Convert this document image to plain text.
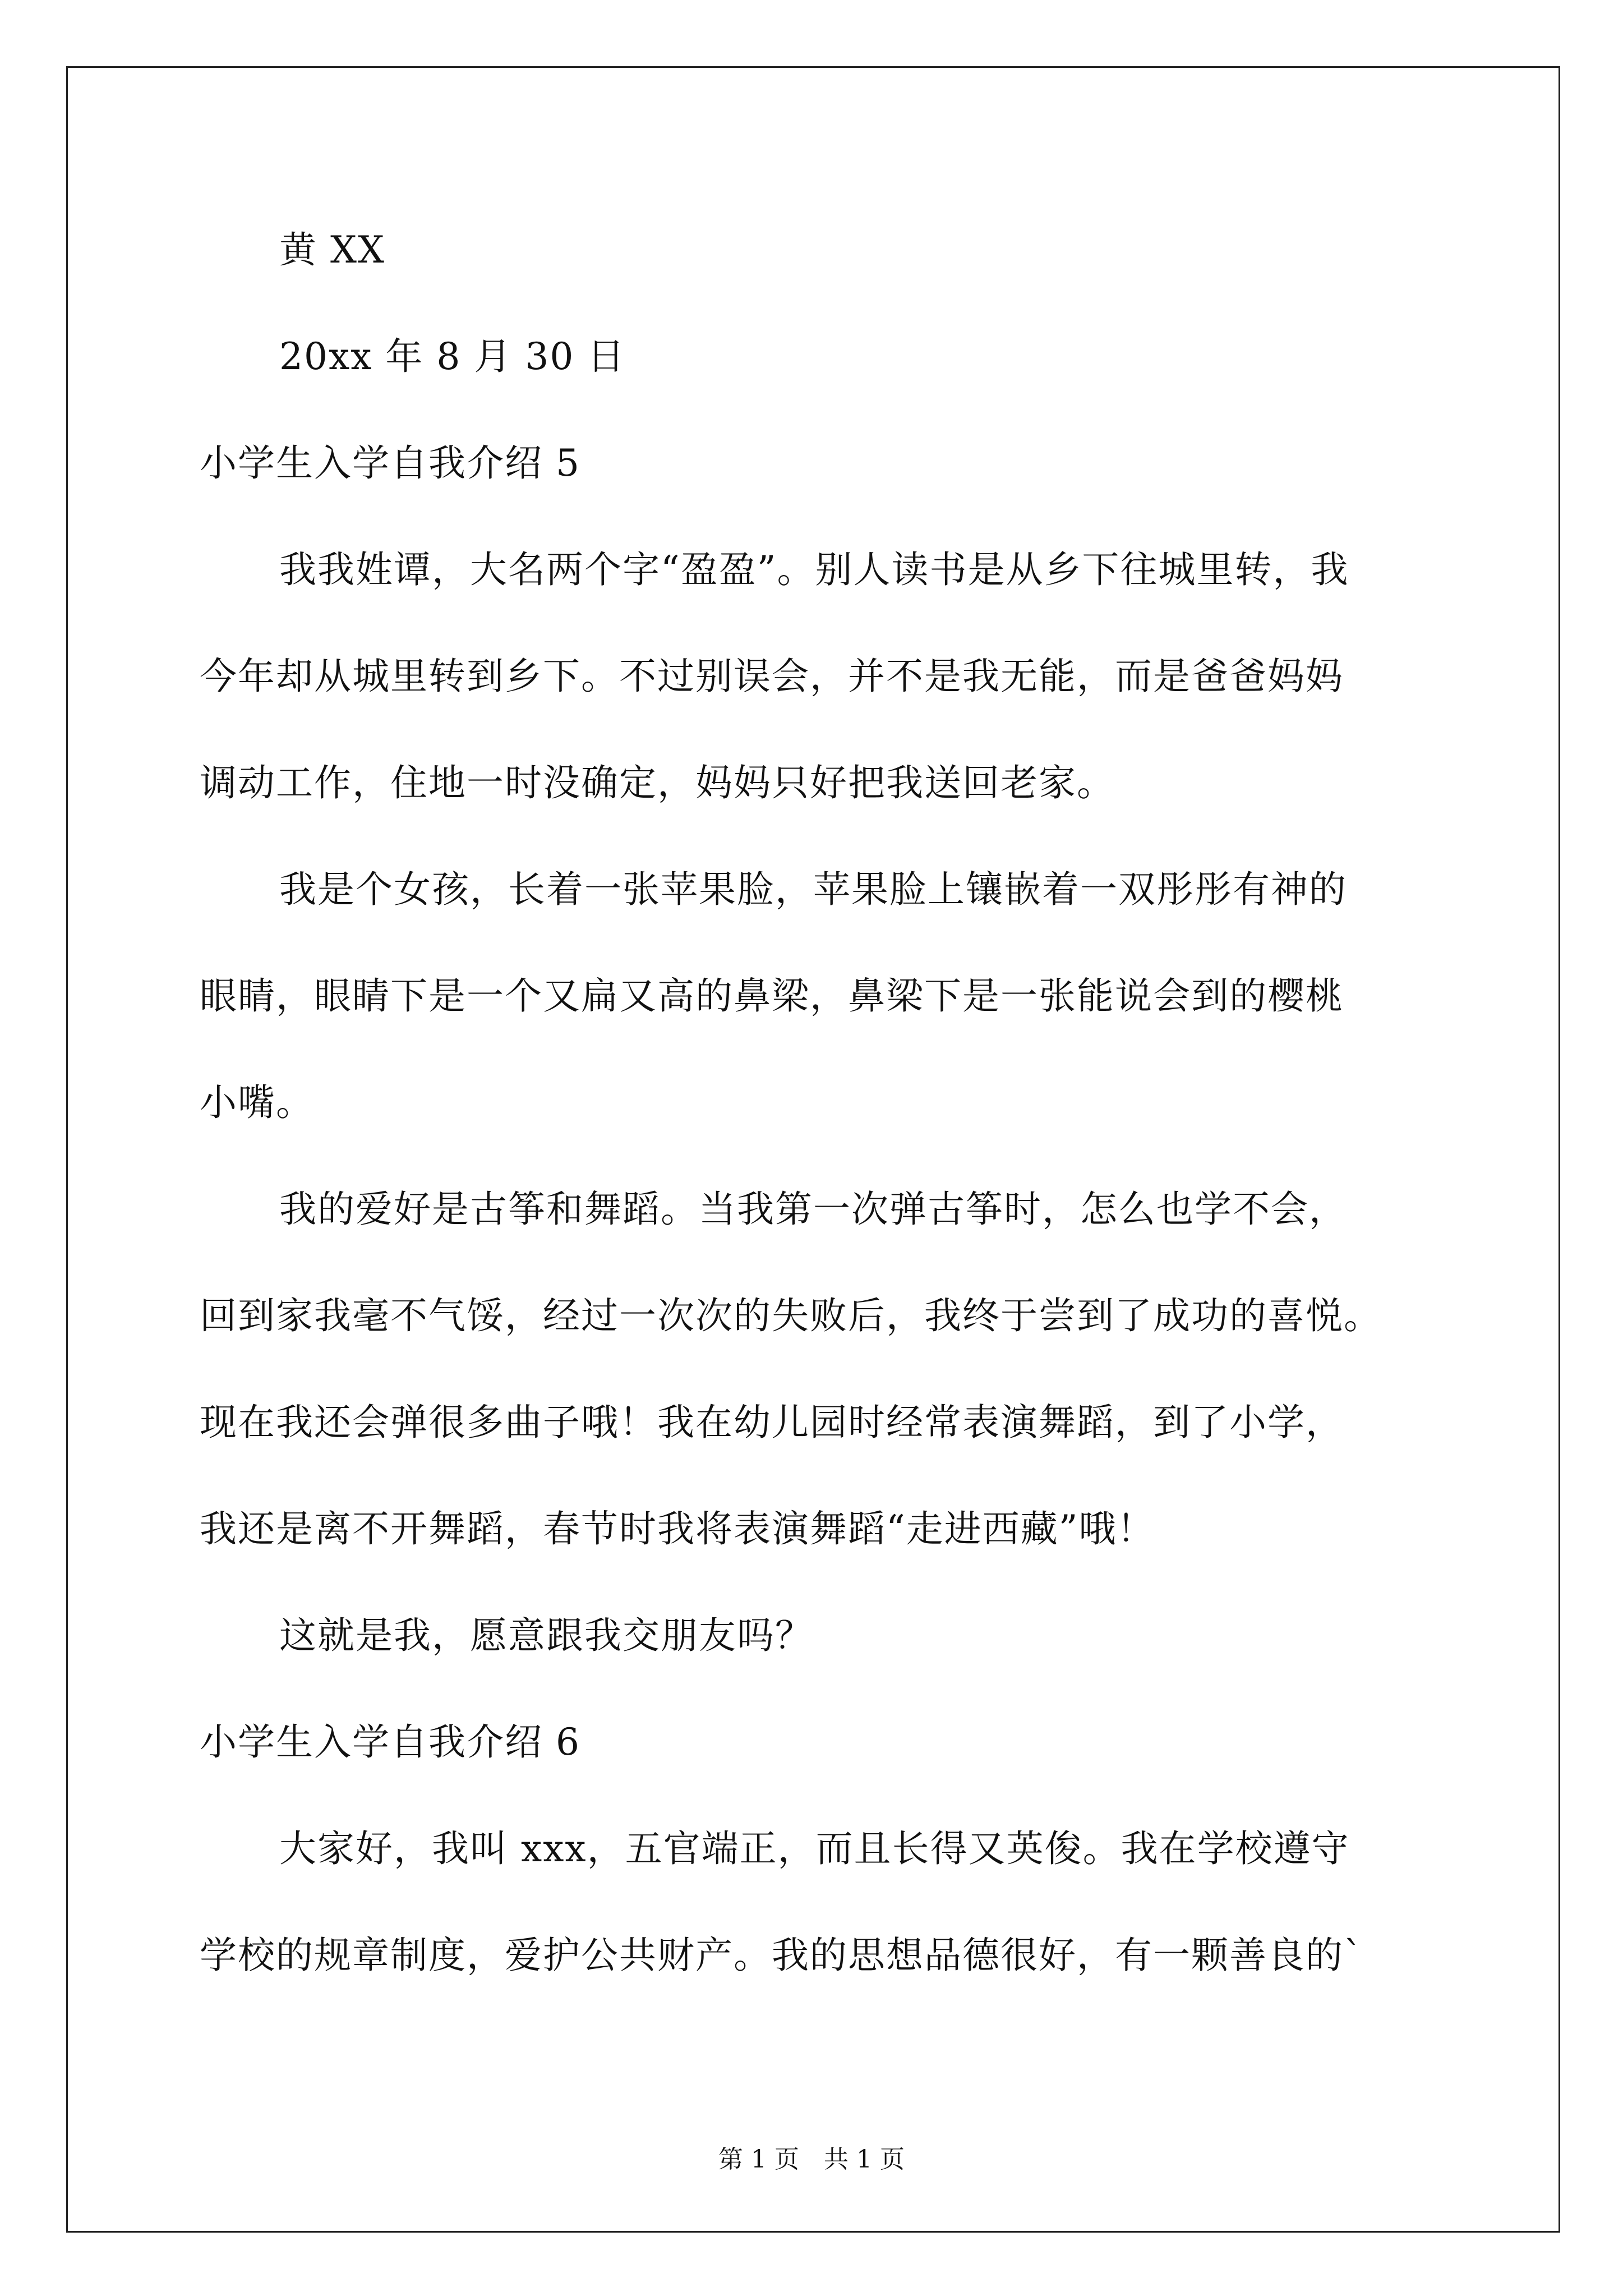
黄 XX
20xx 年 8 月 30 日
小学生入学自我介绍 5
我我姓谭，大名两个字“盈盈”。别人读书是从乡下往城里转，我
今年却从城里转到乡下。不过别误会，并不是我无能，而是爸爸妈妈
调动工作，住地一时没确定，妈妈只好把我送回老家。
我是个女孩，长着一张苹果脸，苹果脸上镶嵌着一双彤彤有神的
眼睛，眼睛下是一个又扁又高的鼻梁，鼻梁下是一张能说会到的樱桃
小嘴。
我的爱好是古筝和舞蹈。当我第一次弹古筝时，怎么也学不会，
回到家我毫不气馁，经过一次次的失败后，我终于尝到了成功的喜悦。
现在我还会弹很多曲子哦！我在幼儿园时经常表演舞蹈，到了小学，
我还是离不开舞蹈，春节时我将表演舞蹈“走进西藏”哦！
这就是我，愿意跟我交朋友吗？
小学生入学自我介绍 6
大家好，我叫 xxx，五官端正，而且长得又英俊。我在学校遵守
学校的规章制度，爱护公共财产。我的思想品德很好，有一颗善良的`
第 1 页　共 1 页
